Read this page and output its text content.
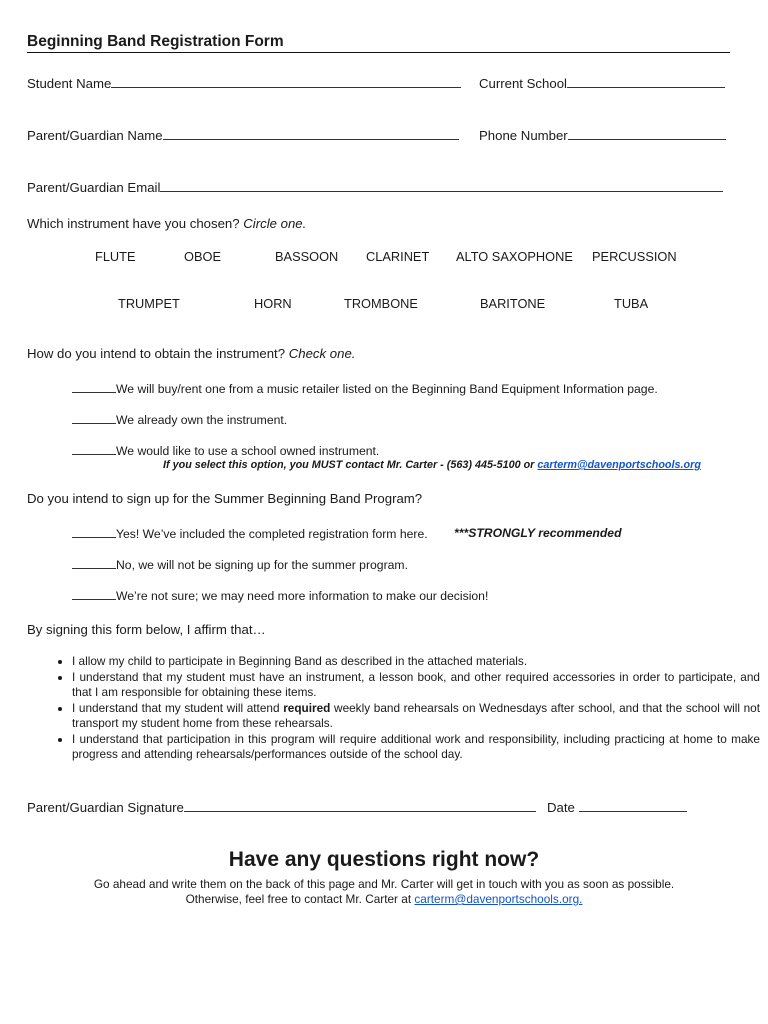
Beginning Band Registration Form
Student Name	Current School
Parent/Guardian Name	Phone Number
Parent/Guardian Email
Which instrument have you chosen? Circle one.
FLUTE	OBOE	BASSOON CLARINET ALTO SAXOPHONE PERCUSSION
TRUMPET	HORN	TROMBONE	BARITONE	TUBA
How do you intend to obtain the instrument? Check one.
We will buy/rent one from a music retailer listed on the Beginning Band Equipment Information page.
We already own the instrument.
We would like to use a school owned instrument.
If you select this option, you MUST contact Mr. Carter - (563) 445-5100 or carterm@davenportschools.org
Do you intend to sign up for the Summer Beginning Band Program?
Yes! We’ve included the completed registration form here. ***STRONGLY recommended
No, we will not be signing up for the summer program.
We’re not sure; we may need more information to make our decision!
By signing this form below, I affirm that…
• I allow my child to participate in Beginning Band as described in the attached materials.
• I understand that my student must have an instrument, a lesson book, and other required accessories in order to participate, and that I am responsible for obtaining these items.
• I understand that my student will attend required weekly band rehearsals on Wednesdays after school, and that the school will not transport my student home from these rehearsals.
• I understand that participation in this program will require additional work and responsibility, including practicing at home to make progress and attending rehearsals/performances outside of the school day.
Parent/Guardian Signature	Date
Have any questions right now?
Go ahead and write them on the back of this page and Mr. Carter will get in touch with you as soon as possible.
Otherwise, feel free to contact Mr. Carter at carterm@davenportschools.org.
